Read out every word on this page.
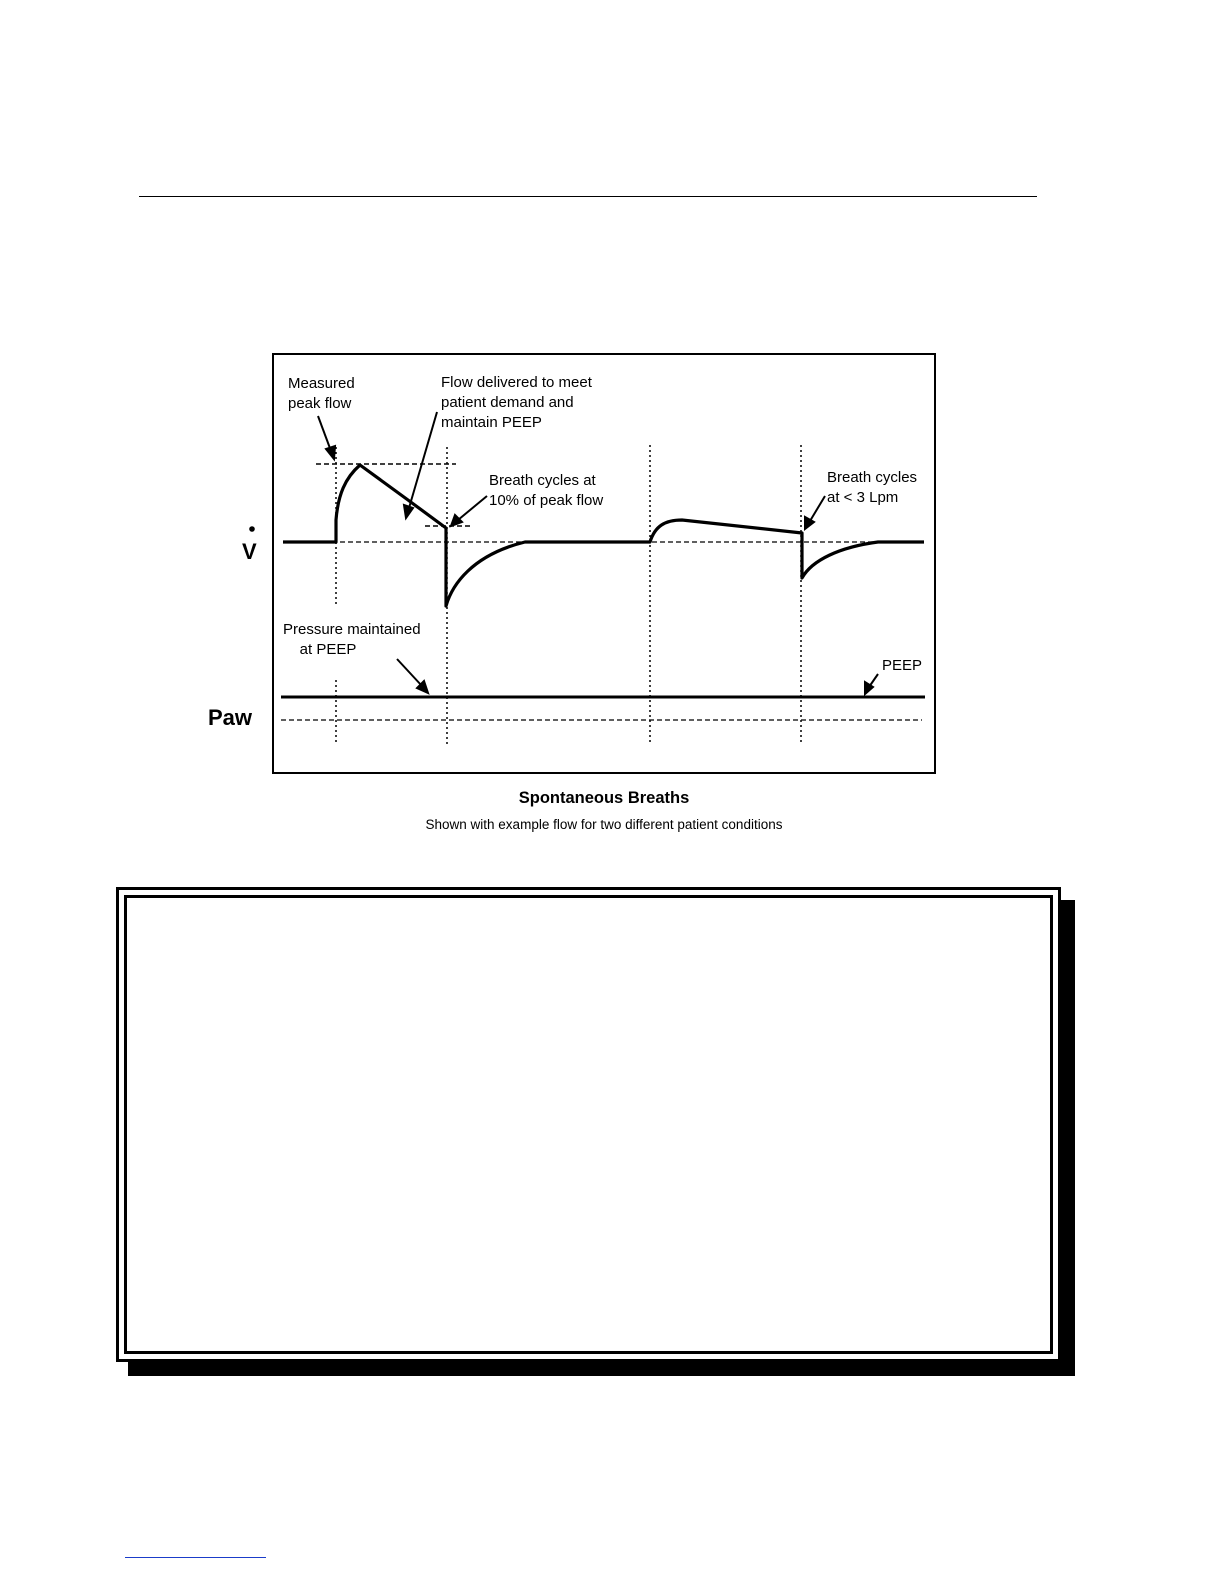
Measured
peak flow
Flow delivered to meet
patient demand and
maintain PEEP
Breath cycles at
10% of peak flow
Breath cycles
at < 3 Lpm
Pressure maintained
at PEEP
PEEP
V
Paw
Spontaneous Breaths
Shown with example flow for two different patient conditions
